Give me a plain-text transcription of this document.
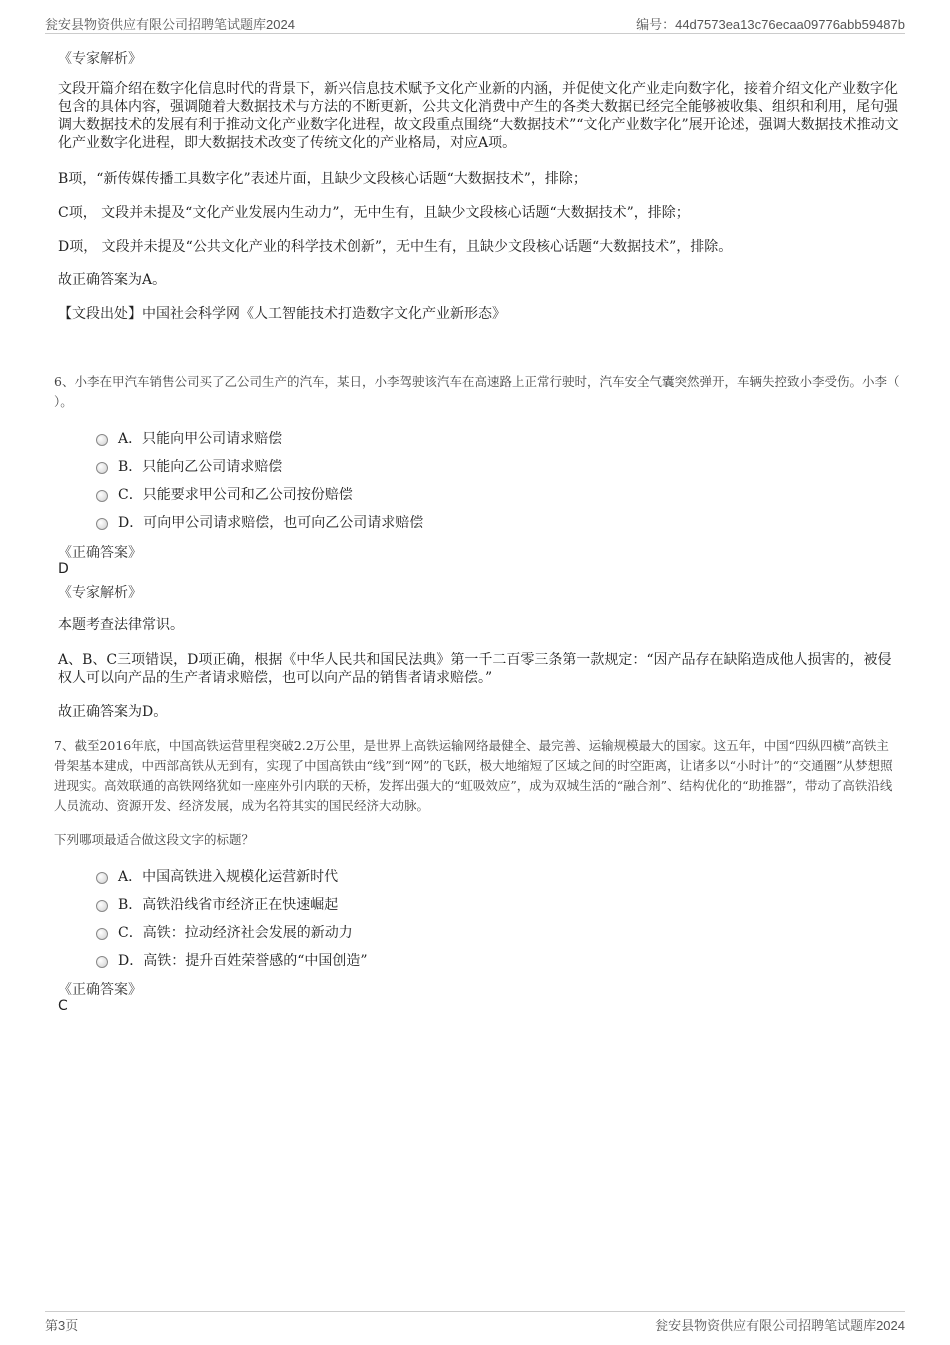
瓮安县物资供应有限公司招聘笔试题库2024	编号：44d7573ea13c76ecaa09776abb59487b
《专家解析》
文段开篇介绍在数字化信息时代的背景下，新兴信息技术赋予文化产业新的内涵，并促使文化产业走向数字化，接着介绍文化产业数字化包含的具体内容，强调随着大数据技术与方法的不断更新，公共文化消费中产生的各类大数据已经完全能够被收集、组织和利用，尾句强调大数据技术的发展有利于推动文化产业数字化进程，故文段重点围绕“大数据技术”“文化产业数字化”展开论述，强调大数据技术推动文化产业数字化进程，即大数据技术改变了传统文化的产业格局，对应A项。
B项，“新传媒传播工具数字化”表述片面，且缺少文段核心话题“大数据技术”，排除；
C项， 文段并未提及“文化产业发展内生动力”，无中生有，且缺少文段核心话题“大数据技术”，排除；
D项， 文段并未提及“公共文化产业的科学技术创新”，无中生有，且缺少文段核心话题“大数据技术”，排除。
故正确答案为A。
【文段出处】中国社会科学网《人工智能技术打造数字文化产业新形态》
6、小李在甲汽车销售公司买了乙公司生产的汽车，某日，小李驾驶该汽车在高速路上正常行驶时，汽车安全气囊突然弹开，车辆失控致小李受伤。小李（ ）。
A．只能向甲公司请求赔偿
B．只能向乙公司请求赔偿
C．只能要求甲公司和乙公司按份赔偿
D．可向甲公司请求赔偿，也可向乙公司请求赔偿
《正确答案》
D
《专家解析》
本题考查法律常识。
A、B、C三项错误，D项正确，根据《中华人民共和国民法典》第一千二百零三条第一款规定：“因产品存在缺陷造成他人损害的，被侵权人可以向产品的生产者请求赔偿，也可以向产品的销售者请求赔偿。”
故正确答案为D。
7、截至2016年底，中国高铁运营里程突破2.2万公里，是世界上高铁运输网络最健全、最完善、运输规模最大的国家。这五年，中国“四纵四横”高铁主骨架基本建成，中西部高铁从无到有，实现了中国高铁由“线”到“网”的飞跃，极大地缩短了区域之间的时空距离，让诸多以“小时计”的“交通圈”从梦想照进现实。高效联通的高铁网络犹如一座座外引内联的天桥，发挥出强大的“虹吸效应”，成为双城生活的“融合剂”、结构优化的“助推器”，带动了高铁沿线人员流动、资源开发、经济发展，成为名符其实的国民经济大动脉。
下列哪项最适合做这段文字的标题？
A．中国高铁进入规模化运营新时代
B．高铁沿线省市经济正在快速崛起
C．高铁：拉动经济社会发展的新动力
D．高铁：提升百姓荣誉感的“中国创造”
《正确答案》
C
第3页	瓮安县物资供应有限公司招聘笔试题库2024
